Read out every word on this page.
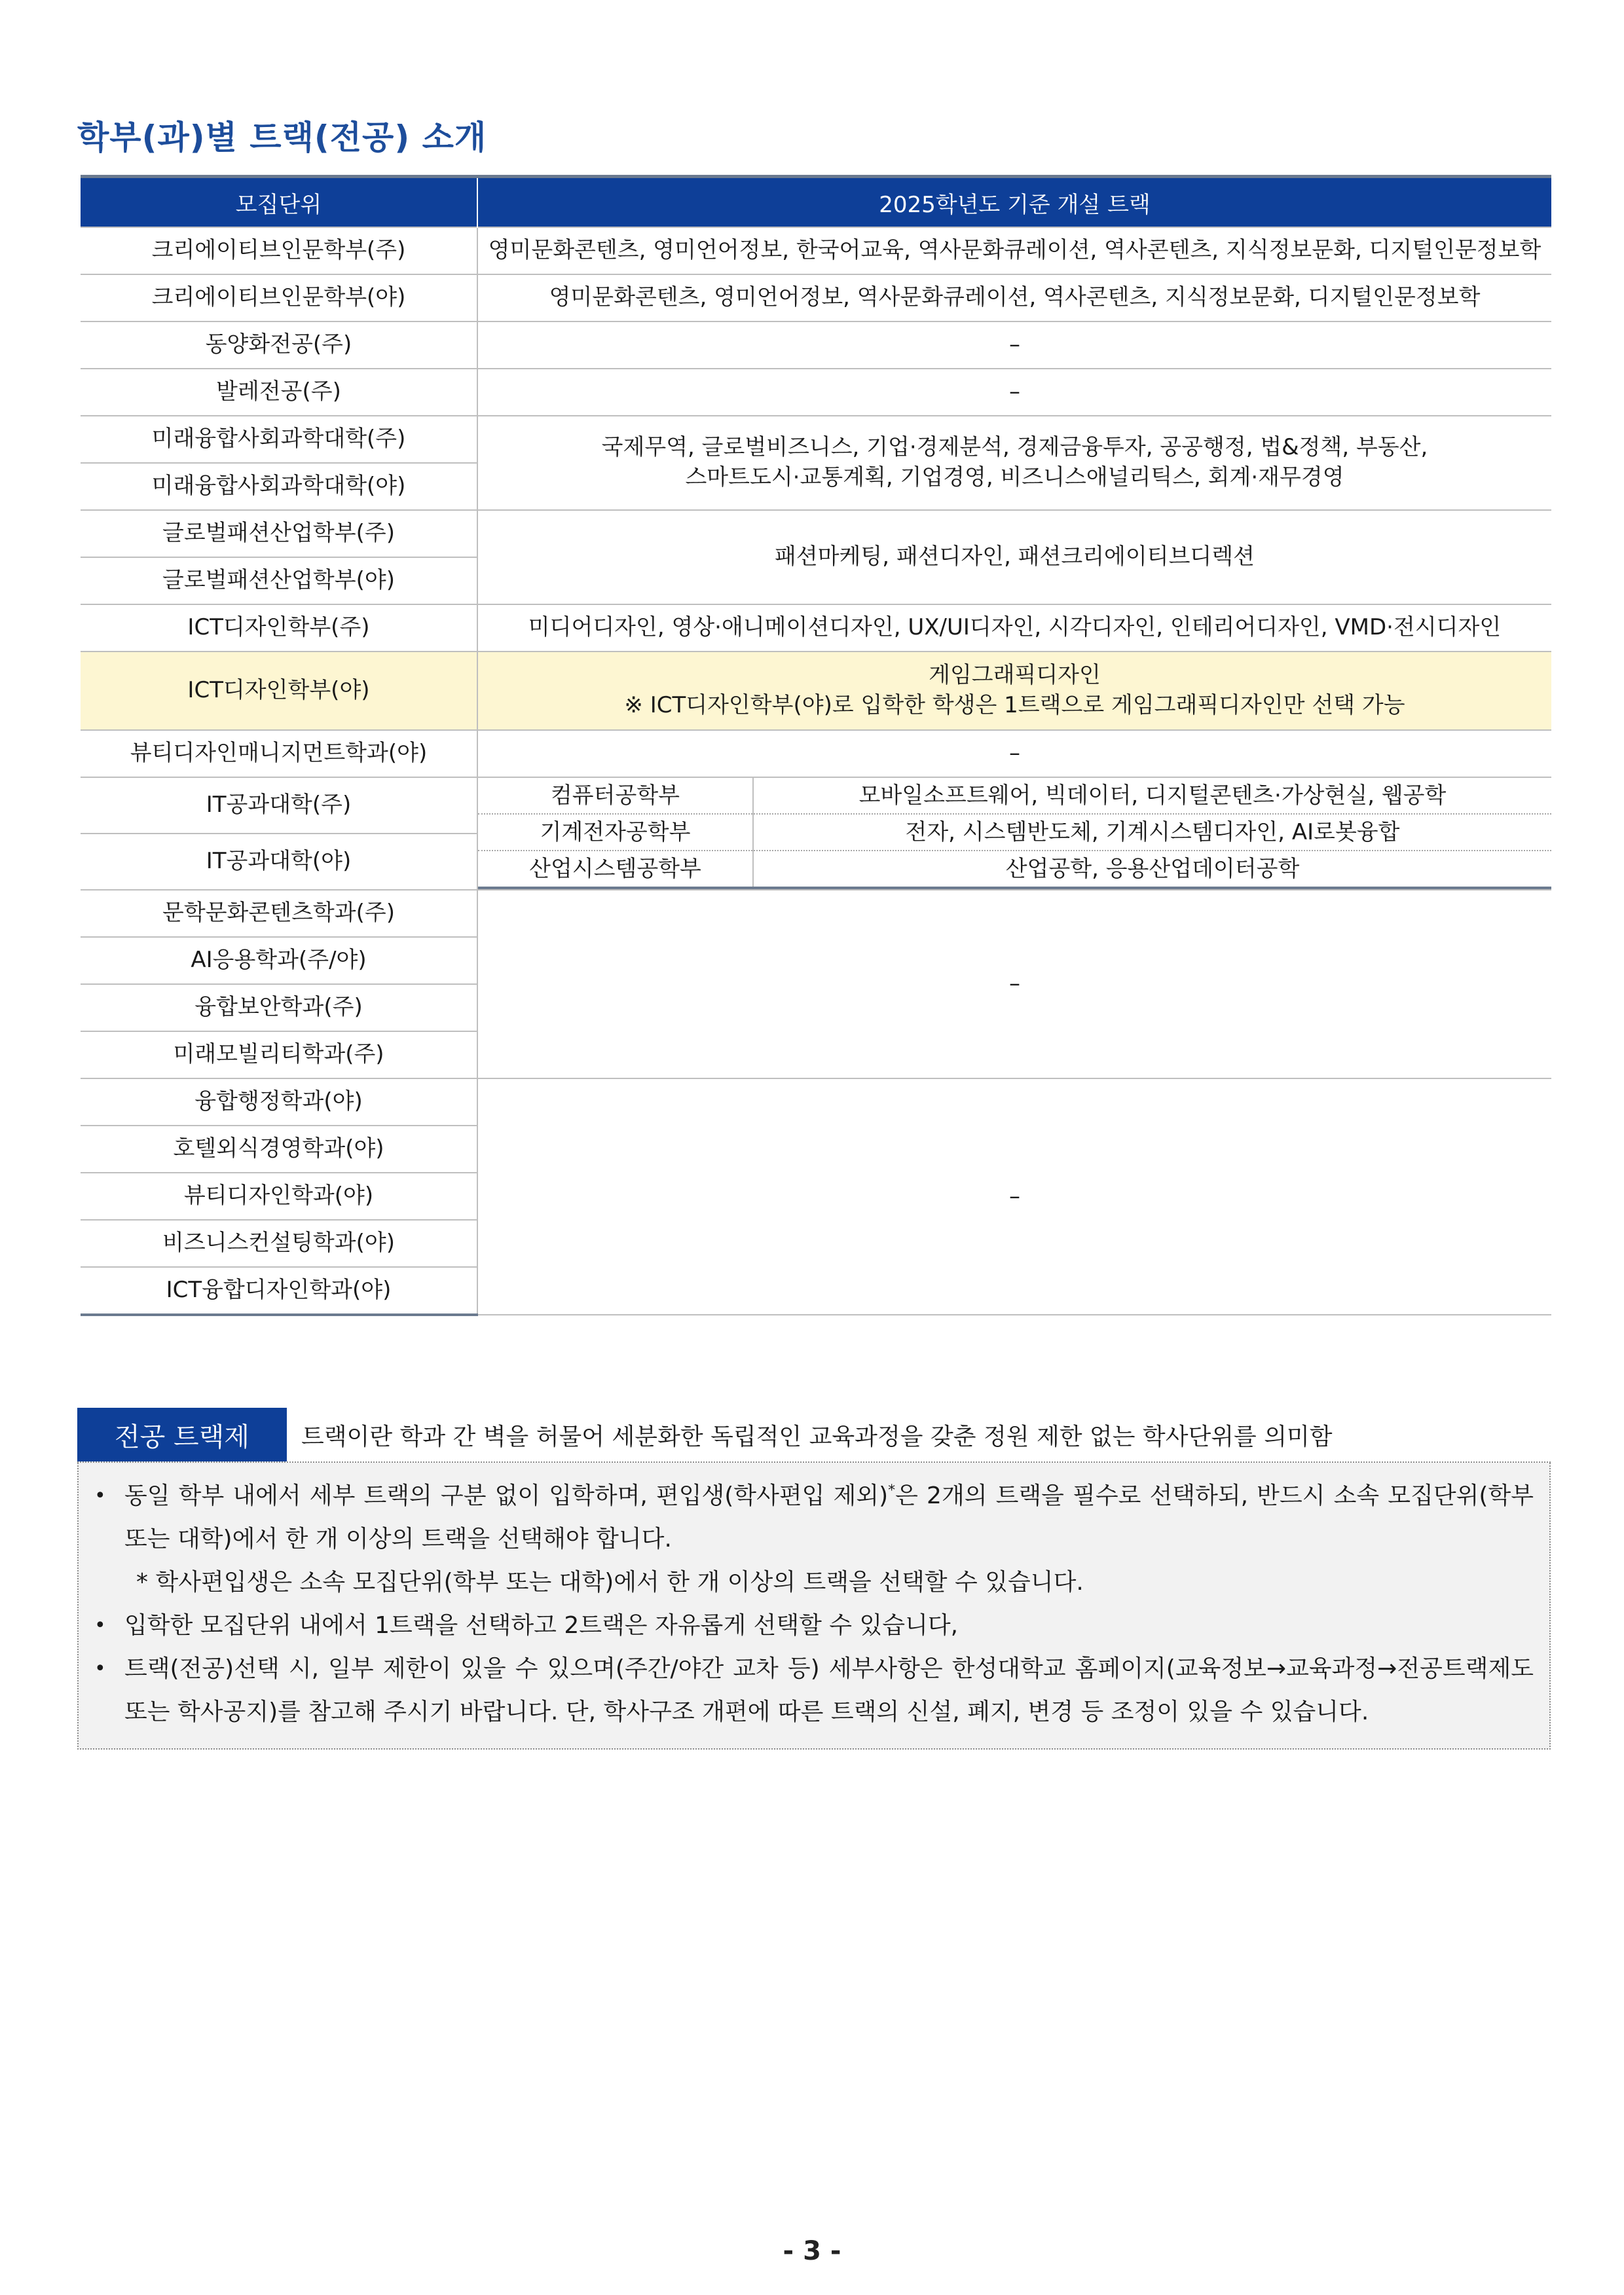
학부(과)별 트랙(전공) 소개
모집단위	2025학년도 기준 개설 트랙
크리에이티브인문학부(주)	영미문화콘텐츠, 영미언어정보, 한국어교육, 역사문화큐레이션, 역사콘텐츠, 지식정보문화, 디지털인문정보학
크리에이티브인문학부(야)	영미문화콘텐츠, 영미언어정보, 역사문화큐레이션, 역사콘텐츠, 지식정보문화, 디지털인문정보학
동양화전공(주)	–
발레전공(주)	–
미래융합사회과학대학(주)	국제무역, 글로벌비즈니스, 기업·경제분석, 경제금융투자, 공공행정, 법&정책, 부동산,
스마트도시·교통계획, 기업경영, 비즈니스애널리틱스, 회계·재무경영

미래융합사회과학대학(야)
글로벌패션산업학부(주)	패션마케팅, 패션디자인, 패션크리에이티브디렉션
글로벌패션산업학부(야)
ICT디자인학부(주)	미디어디자인, 영상·애니메이션디자인, UX/UI디자인, 시각디자인, 인테리어디자인, VMD·전시디자인
ICT디자인학부(야)	
게임그래픽디자인
※ ICT디자인학부(야)로 입학한 학생은 1트랙으로 게임그래픽디자인만 선택 가능

뷰티디자인매니지먼트학과(야)	–
IT공과대학(주)		컴퓨터공학부	모바일소프트웨어, 빅데이터, 디지털콘텐츠·가상현실, 웹공학
기계전자공학부	전자, 시스템반도체, 기계시스템디자인, AI로봇융합
산업시스템공학부	산업공학, 응용산업데이터공학

IT공과대학(야)
문학문화콘텐츠학과(주)	–
AI응용학과(주/야)
융합보안학과(주)
미래모빌리티학과(주)
융합행정학과(야)	–
호텔외식경영학과(야)
뷰티디자인학과(야)
비즈니스컨설팅학과(야)
ICT융합디자인학과(야)
전공 트랙제	트랙이란 학과 간 벽을 허물어 세분화한 독립적인 교육과정을 갖춘 정원 제한 없는 학사단위를 의미함
• 동일 학부 내에서 세부 트랙의 구분 없이 입학하며, 편입생(학사편입 제외)*은 2개의 트랙을 필수로 선택하되, 반드시 소속 모집단위(학부 또는 대학)에서 한 개 이상의 트랙을 선택해야 합니다.
* 학사편입생은 소속 모집단위(학부 또는 대학)에서 한 개 이상의 트랙을 선택할 수 있습니다.
• 입학한 모집단위 내에서 1트랙을 선택하고 2트랙은 자유롭게 선택할 수 있습니다,
• 트랙(전공)선택 시, 일부 제한이 있을 수 있으며(주간/야간 교차 등) 세부사항은 한성대학교 홈페이지(교육정보→교육과정→전공트랙제도 또는 학사공지)를 참고해 주시기 바랍니다. 단, 학사구조 개편에 따른 트랙의 신설, 폐지, 변경 등 조정이 있을 수 있습니다.
- 3 -
